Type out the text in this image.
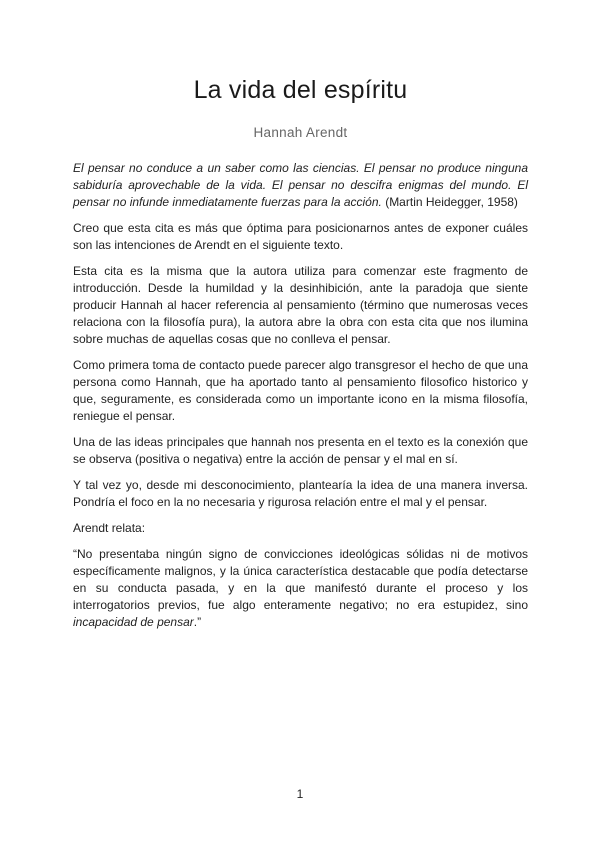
La vida del espíritu
Hannah Arendt

El pensar no conduce a un saber como las ciencias. El pensar no produce ninguna sabiduría aprovechable de la vida. El pensar no descifra enigmas del mundo. El pensar no infunde inmediatamente fuerzas para la acción. (Martin Heidegger, 1958)

Creo que esta cita es más que óptima para posicionarnos antes de exponer cuáles son las intenciones de Arendt en el siguiente texto.

Esta cita es la misma que la autora utiliza para comenzar este fragmento de introducción. Desde la humildad y la desinhibición, ante la paradoja que siente producir Hannah al hacer referencia al pensamiento (término que numerosas veces relaciona con la filosofía pura), la autora abre la obra con esta cita que nos ilumina sobre muchas de aquellas cosas que no conlleva el pensar.

Como primera toma de contacto puede parecer algo transgresor el hecho de que una persona como Hannah, que ha aportado tanto al pensamiento filosofico historico y que, seguramente, es considerada como un importante icono en la misma filosofía, reniegue el pensar.

Una de las ideas principales que hannah nos presenta en el texto es la conexión que se observa (positiva o negativa) entre la acción de pensar y el mal en sí.

Y tal vez yo, desde mi desconocimiento, plantearía la idea de una manera inversa. Pondría el foco en la no necesaria y rigurosa relación entre el mal y el pensar.

Arendt relata:

“No presentaba ningún signo de convicciones ideológicas sólidas ni de motivos específicamente malignos, y la única característica destacable que podía detectarse en su conducta pasada, y en la que manifestó durante el proceso y los interrogatorios previos, fue algo enteramente negativo; no era estupidez, sino incapacidad de pensar.”

1
